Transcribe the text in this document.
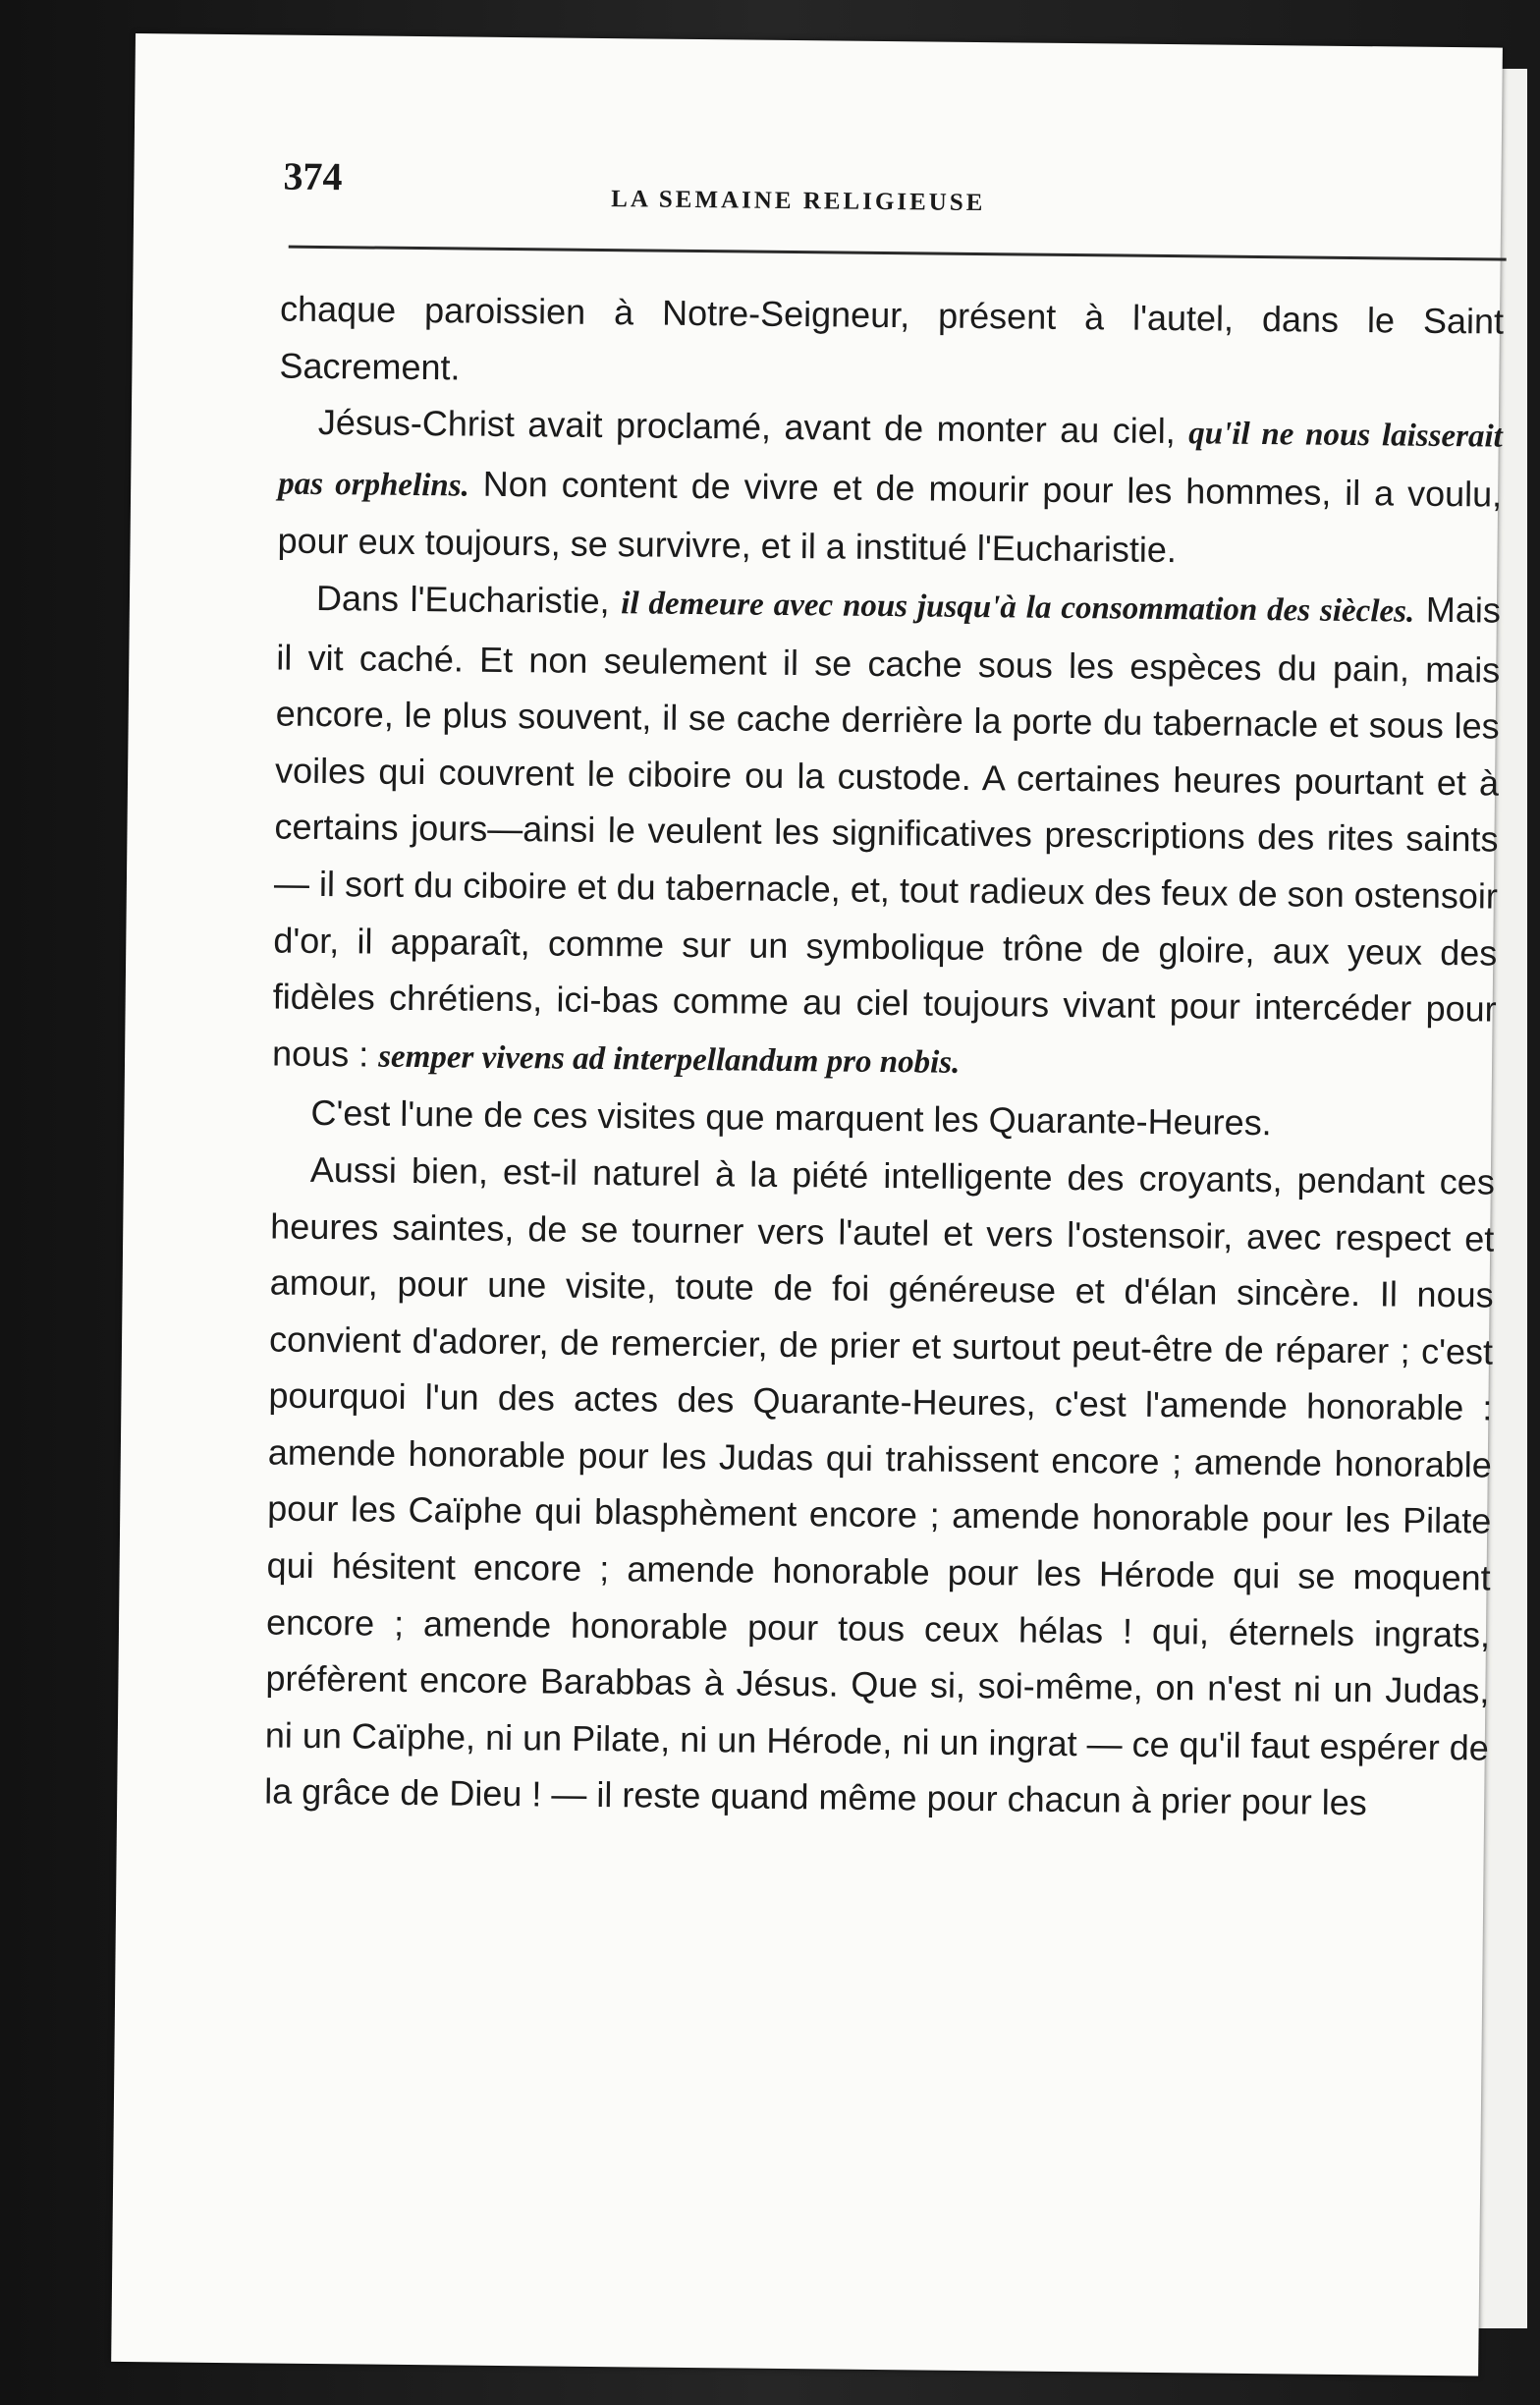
374
LA SEMAINE RELIGIEUSE

chaque paroissien à Notre-Seigneur, présent à l'autel, dans le Saint Sacrement.

Jésus-Christ avait proclamé, avant de monter au ciel, qu'il ne nous laisserait pas orphelins. Non content de vivre et de mourir pour les hommes, il a voulu, pour eux toujours, se survivre, et il a institué l'Eucharistie.

Dans l'Eucharistie, il demeure avec nous jusqu'à la consommation des siècles. Mais il vit caché. Et non seulement il se cache sous les espèces du pain, mais encore, le plus souvent, il se cache derrière la porte du tabernacle et sous les voiles qui couvrent le ciboire ou la custode. A certaines heures pourtant et à certains jours—ainsi le veulent les significatives prescriptions des rites saints — il sort du ciboire et du tabernacle, et, tout radieux des feux de son ostensoir d'or, il apparaît, comme sur un symbolique trône de gloire, aux yeux des fidèles chrétiens, ici-bas comme au ciel toujours vivant pour intercéder pour nous : semper vivens ad interpellandum pro nobis.

C'est l'une de ces visites que marquent les Quarante-Heures.

Aussi bien, est-il naturel à la piété intelligente des croyants, pendant ces heures saintes, de se tourner vers l'autel et vers l'ostensoir, avec respect et amour, pour une visite, toute de foi généreuse et d'élan sincère. Il nous convient d'adorer, de remercier, de prier et surtout peut-être de réparer ; c'est pourquoi l'un des actes des Quarante-Heures, c'est l'amende honorable : amende honorable pour les Judas qui trahissent encore ; amende honorable pour les Caïphe qui blasphèment encore ; amende honorable pour les Pilate qui hésitent encore ; amende honorable pour les Hérode qui se moquent encore ; amende honorable pour tous ceux hélas ! qui, éternels ingrats, préfèrent encore Barabbas à Jésus. Que si, soi-même, on n'est ni un Judas, ni un Caïphe, ni un Pilate, ni un Hérode, ni un ingrat — ce qu'il faut espérer de la grâce de Dieu ! — il reste quand même pour chacun à prier pour les
